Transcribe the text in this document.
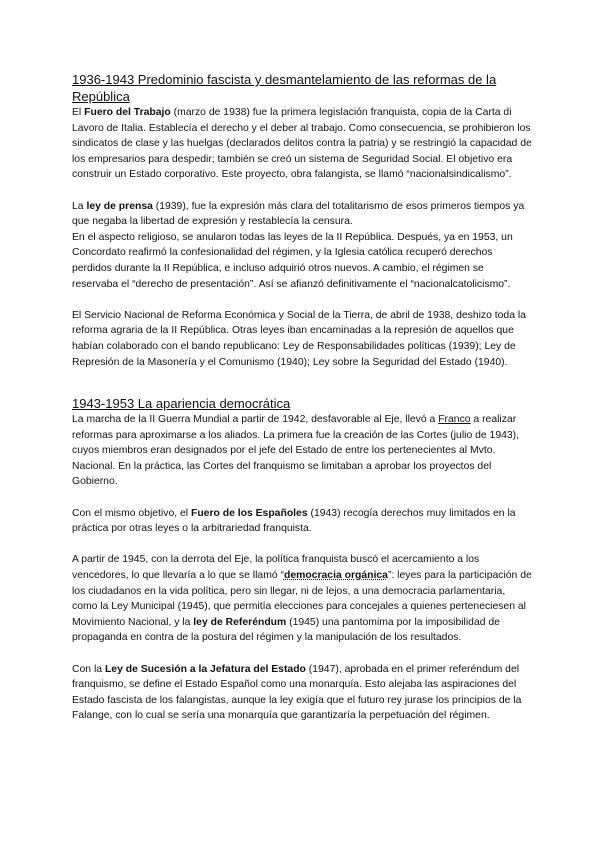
1936-1943 Predominio fascista y desmantelamiento de las reformas de la República

El Fuero del Trabajo (marzo de 1938) fue la primera legislación franquista, copia de la Carta di Lavoro de Italia. Establecía el derecho y el deber al trabajo. Como consecuencia, se prohibieron los sindicatos de clase y las huelgas (declarados delitos contra la patria) y se restringió la capacidad de los empresarios para despedir; también se creó un sistema de Seguridad Social. El objetivo era construir un Estado corporativo. Este proyecto, obra falangista, se llamó “nacionalsindicalismo”.

La ley de prensa (1939), fue la expresión más clara del totalitarismo de esos primeros tiempos ya que negaba la libertad de expresión y restablecía la censura.

En el aspecto religioso, se anularon todas las leyes de la II República. Después, ya en 1953, un Concordato reafirmó la confesionalidad del régimen, y la Iglesia católica recuperó derechos perdidos durante la II República, e incluso adquirió otros nuevos. A cambio, el régimen se reservaba el “derecho de presentación”. Así se afianzó definitivamente el “nacionalcatolicismo”.

El Servicio Nacional de Reforma Económica y Social de la Tierra, de abril de 1938, deshizo toda la reforma agraria de la II República. Otras leyes iban encaminadas a la represión de aquellos que habían colaborado con el bando republicano: Ley de Responsabilidades políticas (1939); Ley de Represión de la Masonería y el Comunismo (1940); Ley sobre la Seguridad del Estado (1940).

1943-1953 La apariencia democrática

La marcha de la II Guerra Mundial a partir de 1942, desfavorable al Eje, llevó a Franco a realizar reformas para aproximarse a los aliados. La primera fue la creación de las Cortes (julio de 1943), cuyos miembros eran designados por el jefe del Estado de entre los pertenecientes al Mvto. Nacional. En la práctica, las Cortes del franquismo se limitaban a aprobar los proyectos del Gobierno.

Con el mismo objetivo, el Fuero de los Españoles (1943) recogía derechos muy limitados en la práctica por otras leyes o la arbitrariedad franquista.

A partir de 1945, con la derrota del Eje, la política franquista buscó el acercamiento a los vencedores, lo que llevaría a lo que se llamó “democracia orgánica”: leyes para la participación de los ciudadanos en la vida política, pero sin llegar, ni de lejos, a una democracia parlamentaria, como la Ley Municipal (1945), que permitía elecciones para concejales a quienes perteneciesen al Movimiento Nacional, y la ley de Referéndum (1945) una pantomima por la imposibilidad de propaganda en contra de la postura del régimen y la manipulación de los resultados.

Con la Ley de Sucesión a la Jefatura del Estado (1947), aprobada en el primer referéndum del franquismo, se define el Estado Español como una monarquía. Esto alejaba las aspiraciones del Estado fascista de los falangistas, aunque la ley exigía que el futuro rey jurase los principios de la Falange, con lo cual se sería una monarquía que garantizaría la perpetuación del régimen.
